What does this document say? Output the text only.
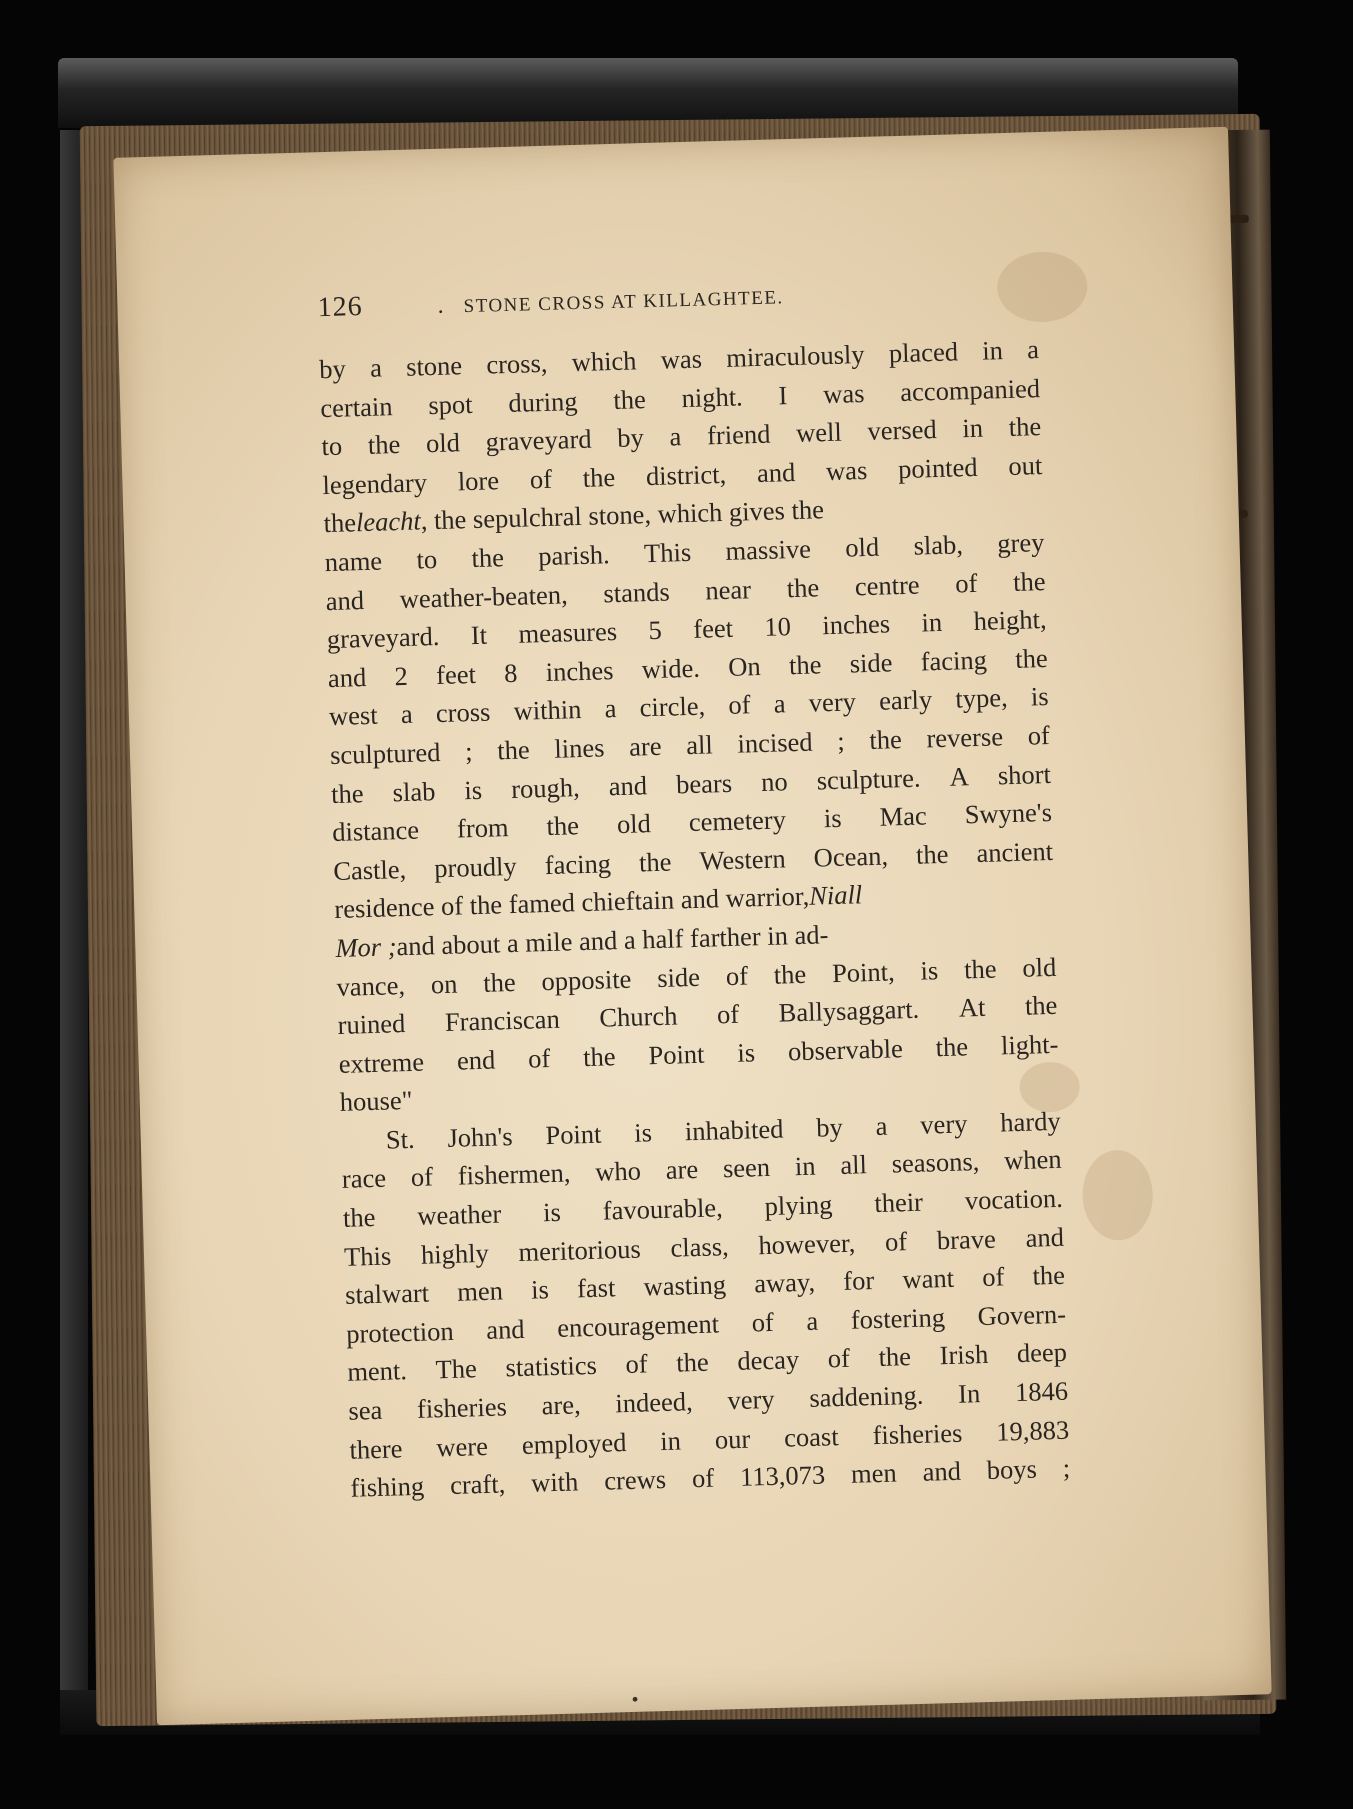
126	.	STONE CROSS AT KILLAGHTEE.
by a stone cross, which was miraculously placed in a
certain spot during the night. I was accompanied
to the old graveyard by a friend well versed in the
legendary lore of the district, and was pointed out
the leacht , the sepulchral stone, which gives the
name to the parish. This massive old slab, grey
and weather-beaten, stands near the centre of the
graveyard. It measures 5 feet 10 inches in height,
and 2 feet 8 inches wide. On the side facing the
west a cross within a circle, of a very early type, is
sculptured ; the lines are all incised ; the reverse of
the slab is rough, and bears no sculpture. A short
distance from the old cemetery is Mac Swyne's
Castle, proudly facing the Western Ocean, the ancient
residence of the famed chieftain and warrior, Niall
Mor ; and about a mile and a half farther in ad-
vance, on the opposite side of the Point, is the old
ruined Franciscan Church of Ballysaggart. At the
extreme end of the Point is observable the light-
house"
St. John's Point is inhabited by a very hardy
race of fishermen, who are seen in all seasons, when
the weather is favourable, plying their vocation.
This highly meritorious class, however, of brave and
stalwart men is fast wasting away, for want of the
protection and encouragement of a fostering Govern-
ment. The statistics of the decay of the Irish deep
sea fisheries are, indeed, very saddening. In 1846
there were employed in our coast fisheries 19,883
fishing craft, with crews of 113,073 men and boys ;
•
